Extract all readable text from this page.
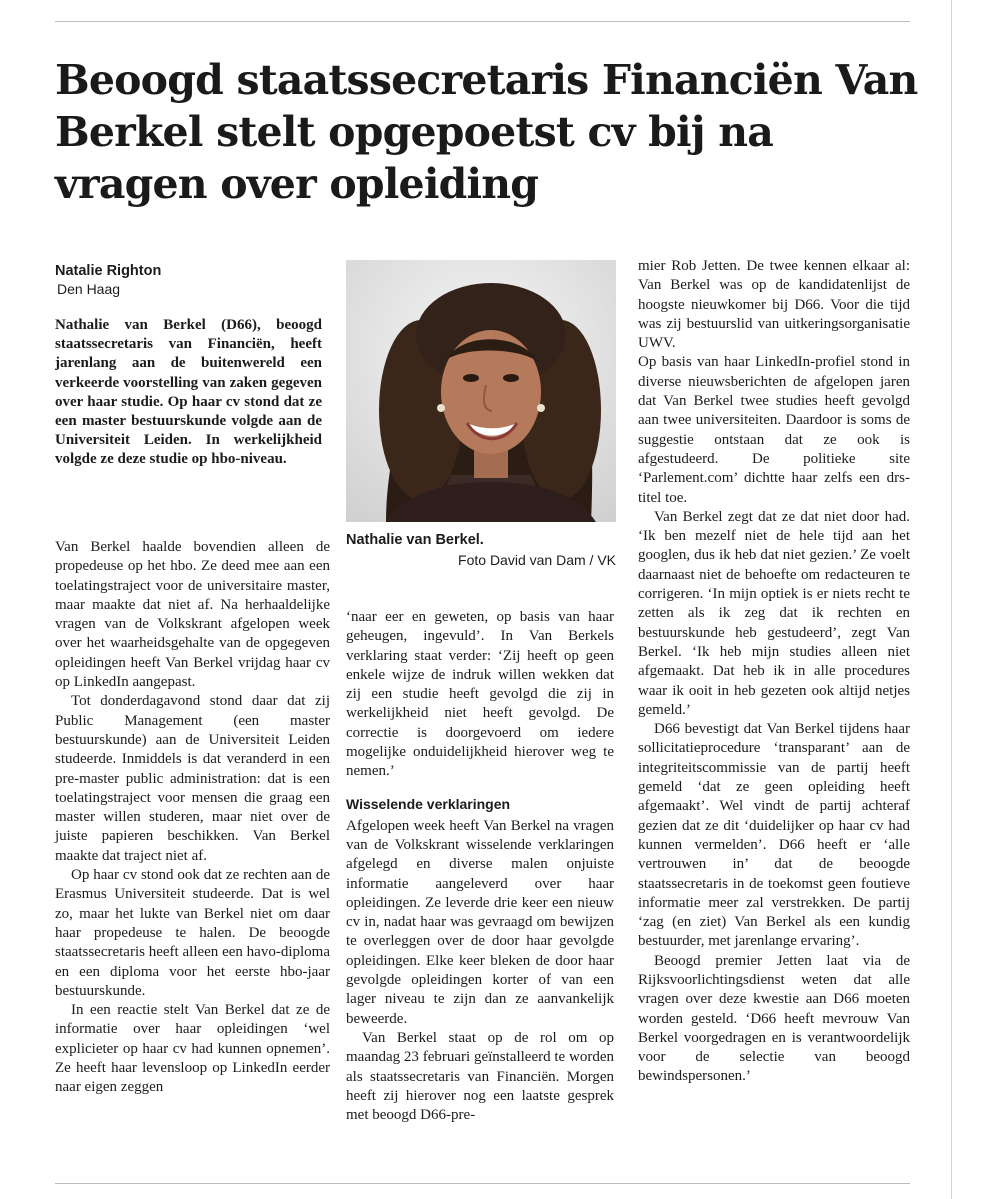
Beoogd staatssecretaris Financiën Van Berkel stelt opgepoetst cv bij na vragen over opleiding
Natalie Righton
Den Haag

Nathalie van Berkel (D66), beoogd staatssecretaris van Financiën, heeft jarenlang aan de buitenwereld een verkeerde voorstelling van zaken gegeven over haar studie. Op haar cv stond dat ze een master bestuurskunde volgde aan de Universiteit Leiden. In werkelijkheid volgde ze deze studie op hbo-niveau.

Nathalie van Berkel.
Foto David van Dam / VK

Van Berkel haalde bovendien alleen de propedeuse op het hbo. Ze deed mee aan een toelatingstraject voor de universitaire master, maar maakte dat niet af. Na herhaaldelijke vragen van de Volkskrant afgelopen week over het waarheidsgehalte van de opgegeven opleidingen heeft Van Berkel vrijdag haar cv op LinkedIn aangepast.

Tot donderdagavond stond daar dat zij Public Management (een master bestuurskunde) aan de Universiteit Leiden studeerde. Inmiddels is dat veranderd in een pre-master public administration: dat is een toelatingstraject voor mensen die graag een master willen studeren, maar niet over de juiste papieren beschikken. Van Berkel maakte dat traject niet af.

Op haar cv stond ook dat ze rechten aan de Erasmus Universiteit studeerde. Dat is wel zo, maar het lukte van Berkel niet om daar haar propedeuse te halen. De beoogde staatssecretaris heeft alleen een havo-diploma en een diploma voor het eerste hbo-jaar bestuurskunde.

In een reactie stelt Van Berkel dat ze de informatie over haar opleidingen ‘wel explicieter op haar cv had kunnen opnemen’. Ze heeft haar levensloop op LinkedIn eerder naar eigen zeggen

‘naar eer en geweten, op basis van haar geheugen, ingevuld’. In Van Berkels verklaring staat verder: ‘Zij heeft op geen enkele wijze de indruk willen wekken dat zij een studie heeft gevolgd die zij in werkelijkheid niet heeft gevolgd. De correctie is doorgevoerd om iedere mogelijke onduidelijkheid hierover weg te nemen.’

Wisselende verklaringen

Afgelopen week heeft Van Berkel na vragen van de Volkskrant wisselende verklaringen afgelegd en diverse malen onjuiste informatie aangeleverd over haar opleidingen. Ze leverde drie keer een nieuw cv in, nadat haar was gevraagd om bewijzen te overleggen over de door haar gevolgde opleidingen. Elke keer bleken de door haar gevolgde opleidingen korter of van een lager niveau te zijn dan ze aanvankelijk beweerde.

Van Berkel staat op de rol om op maandag 23 februari geïnstalleerd te worden als staatssecretaris van Financiën. Morgen heeft zij hierover nog een laatste gesprek met beoogd D66-pre-

mier Rob Jetten. De twee kennen elkaar al: Van Berkel was op de kandidatenlijst de hoogste nieuwkomer bij D66. Voor die tijd was zij bestuurslid van uitkeringsorganisatie UWV.

Op basis van haar LinkedIn-profiel stond in diverse nieuwsberichten de afgelopen jaren dat Van Berkel twee studies heeft gevolgd aan twee universiteiten. Daardoor is soms de suggestie ontstaan dat ze ook is afgestudeerd. De politieke site ‘Parlement.com’ dichtte haar zelfs een drs-titel toe.

Van Berkel zegt dat ze dat niet door had. ‘Ik ben mezelf niet de hele tijd aan het googlen, dus ik heb dat niet gezien.’ Ze voelt daarnaast niet de behoefte om redacteuren te corrigeren. ‘In mijn optiek is er niets recht te zetten als ik zeg dat ik rechten en bestuurskunde heb gestudeerd’, zegt Van Berkel. ‘Ik heb mijn studies alleen niet afgemaakt. Dat heb ik in alle procedures waar ik ooit in heb gezeten ook altijd netjes gemeld.’

D66 bevestigt dat Van Berkel tijdens haar sollicitatieprocedure ‘transparant’ aan de integriteitscommissie van de partij heeft gemeld ‘dat ze geen opleiding heeft afgemaakt’. Wel vindt de partij achteraf gezien dat ze dit ‘duidelijker op haar cv had kunnen vermelden’. D66 heeft er ‘alle vertrouwen in’ dat de beoogde staatssecretaris in de toekomst geen foutieve informatie meer zal verstrekken. De partij ‘zag (en ziet) Van Berkel als een kundig bestuurder, met jarenlange ervaring’.

Beoogd premier Jetten laat via de Rijksvoorlichtingsdienst weten dat alle vragen over deze kwestie aan D66 moeten worden gesteld. ‘D66 heeft mevrouw Van Berkel voorgedragen en is verantwoordelijk voor de selectie van beoogd bewindspersonen.’
